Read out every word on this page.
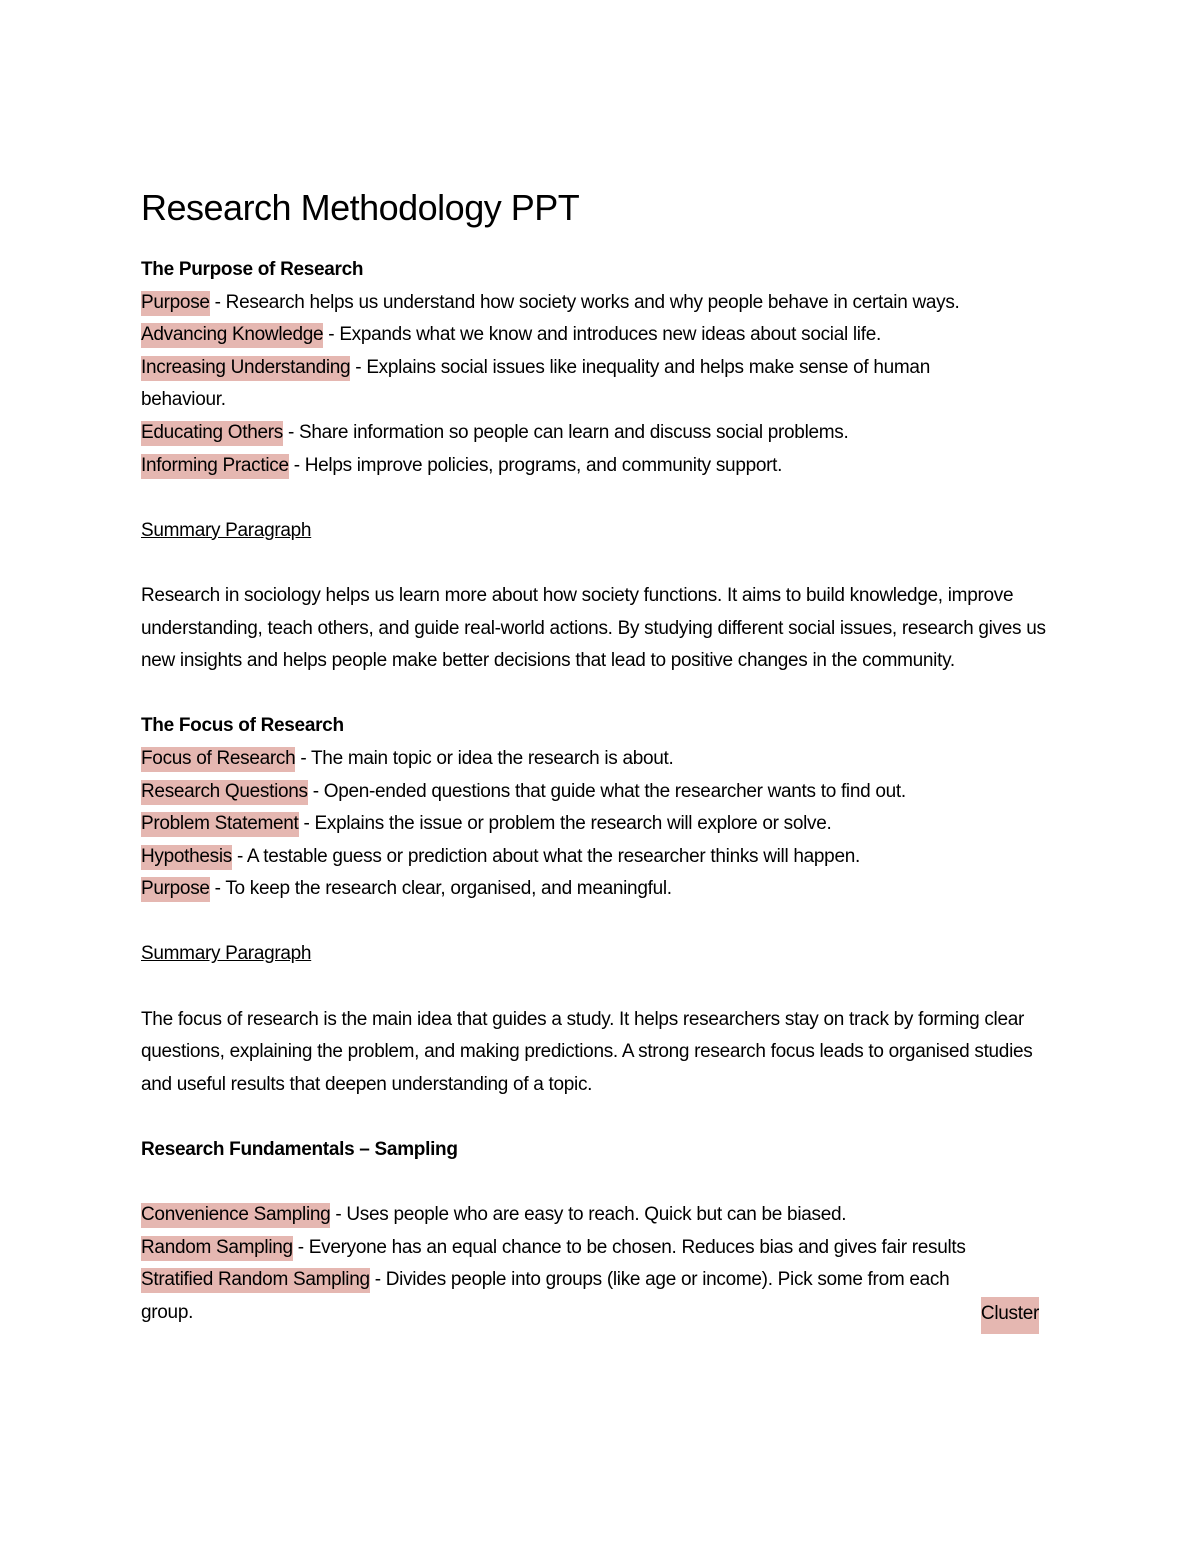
Research Methodology PPT

The Purpose of Research

Purpose - Research helps us understand how society works and why people behave in certain ways.

Advancing Knowledge - Expands what we know and introduces new ideas about social life.

Increasing Understanding - Explains social issues like inequality and helps make sense of human behaviour.

Educating Others - Share information so people can learn and discuss social problems.

Informing Practice - Helps improve policies, programs, and community support.

Summary Paragraph

Research in sociology helps us learn more about how society functions. It aims to build knowledge, improve understanding, teach others, and guide real-world actions. By studying different social issues, research gives us new insights and helps people make better decisions that lead to positive changes in the community.

The Focus of Research

Focus of Research - The main topic or idea the research is about.

Research Questions - Open-ended questions that guide what the researcher wants to find out.

Problem Statement - Explains the issue or problem the research will explore or solve.

Hypothesis - A testable guess or prediction about what the researcher thinks will happen.

Purpose - To keep the research clear, organised, and meaningful.

Summary Paragraph

The focus of research is the main idea that guides a study. It helps researchers stay on track by forming clear questions, explaining the problem, and making predictions. A strong research focus leads to organised studies and useful results that deepen understanding of a topic.

Research Fundamentals – Sampling

Convenience Sampling - Uses people who are easy to reach. Quick but can be biased.

Random Sampling - Everyone has an equal chance to be chosen. Reduces bias and gives fair results

Stratified Random Sampling - Divides people into groups (like age or income). Pick some from each

group.	Cluster
